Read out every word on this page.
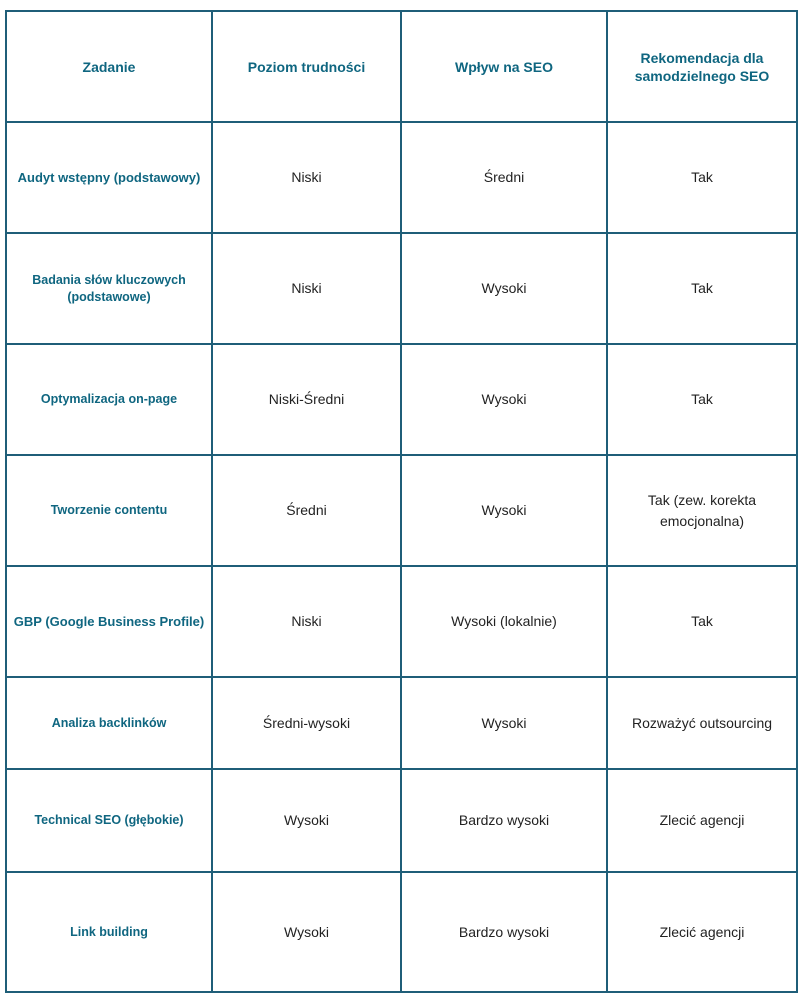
Zadanie	Poziom trudności	Wpływ na SEO	Rekomendacja dla samodzielnego SEO
Audyt wstępny (podstawowy)	Niski	Średni	Tak
Badania słów kluczowych (podstawowe)	Niski	Wysoki	Tak
Optymalizacja on-page	Niski-Średni	Wysoki	Tak
Tworzenie contentu	Średni	Wysoki	Tak (zew. korekta emocjonalna)
GBP (Google Business Profile)	Niski	Wysoki (lokalnie)	Tak
Analiza backlinków	Średni-wysoki	Wysoki	Rozważyć outsourcing
Technical SEO (głębokie)	Wysoki	Bardzo wysoki	Zlecić agencji
Link building	Wysoki	Bardzo wysoki	Zlecić agencji
